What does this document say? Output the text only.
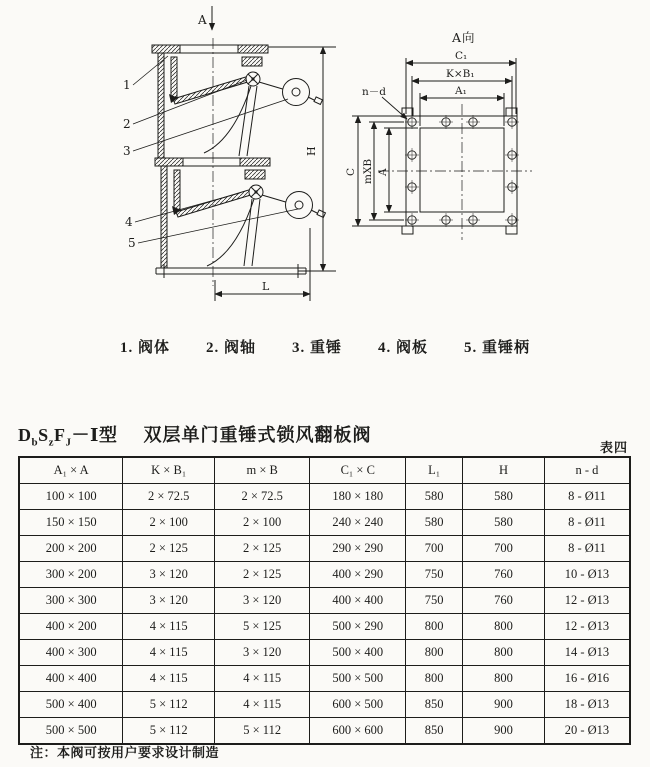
A
1
2
3
4
5
H
L
A向
C₁
K×B₁
A₁
C mXB A
n－d
1. 阀体 2. 阀轴 3. 重锤 4. 阀板 5. 重锤柄
$D_bS_zF_J-Ⅰ$型 双层单门重锤式锁风翻板阀
表四
A₁ × A	K × B₁	m × B	C₁ × C	L₁	H	n - d
100 × 100	2 × 72.5	2 × 72.5	180 × 180	580	580	8 - Ø11
150 × 150	2 × 100	2 × 100	240 × 240	580	580	8 - Ø11
200 × 200	2 × 125	2 × 125	290 × 290	700	700	8 - Ø11
300 × 200	3 × 120	2 × 125	400 × 290	750	760	10 - Ø13
300 × 300	3 × 120	3 × 120	400 × 400	750	760	12 - Ø13
400 × 200	4 × 115	5 × 125	500 × 290	800	800	12 - Ø13
400 × 300	4 × 115	3 × 120	500 × 400	800	800	14 - Ø13
400 × 400	4 × 115	4 × 115	500 × 500	800	800	16 - Ø16
500 × 400	5 × 112	4 × 115	600 × 500	850	900	18 - Ø13
500 × 500	5 × 112	5 × 112	600 × 600	850	900	20 - Ø13
注：本阀可按用户要求设计制造
